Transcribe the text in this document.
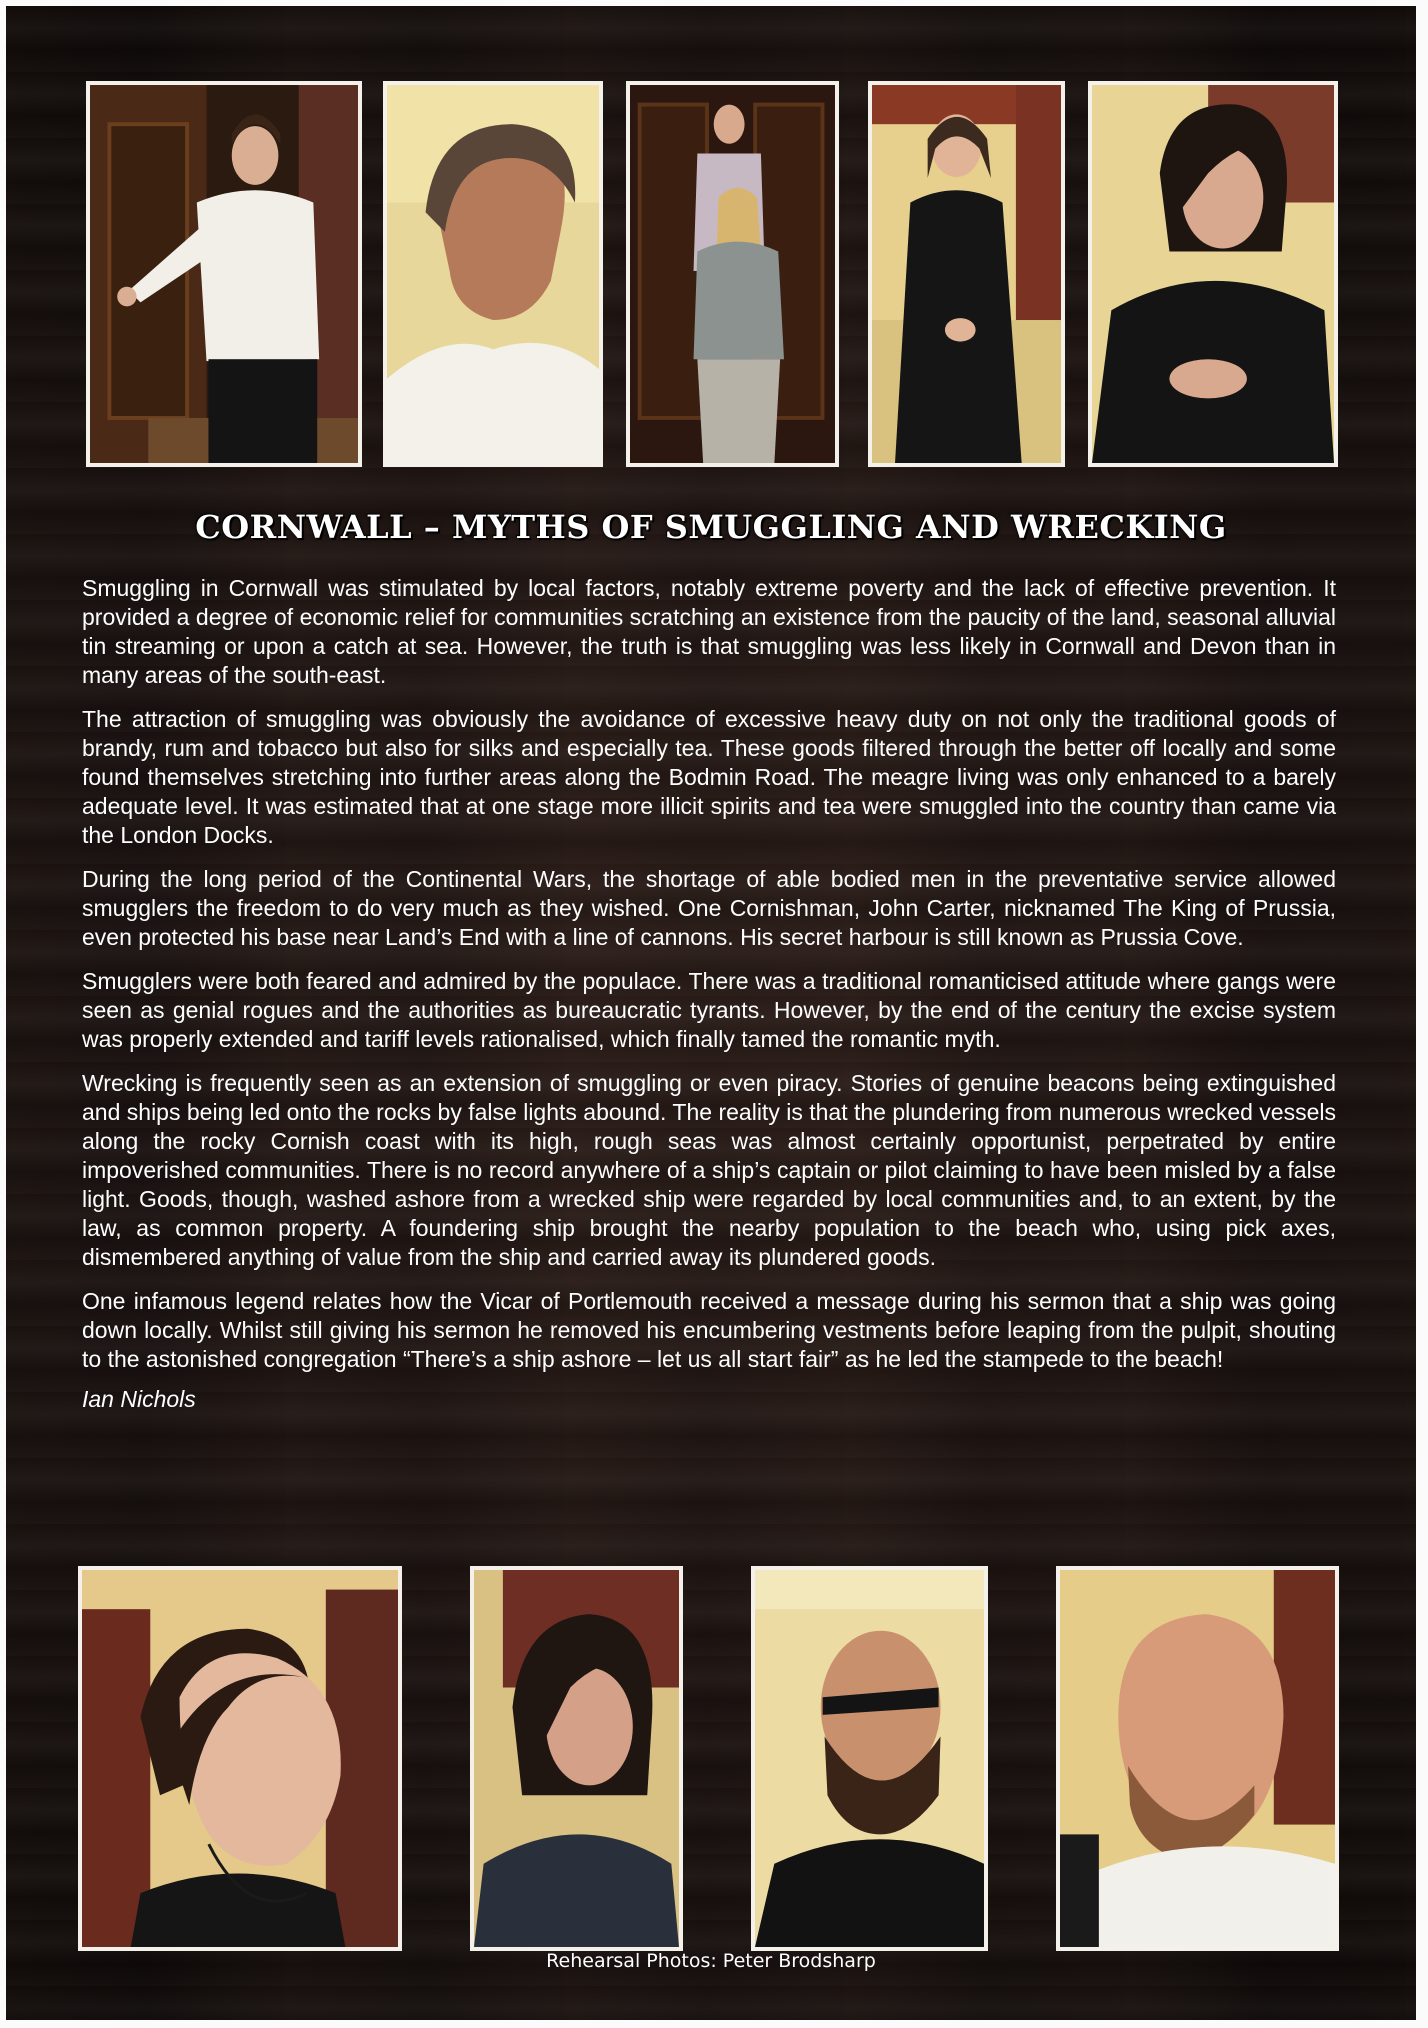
CORNWALL – MYTHS OF SMUGGLING AND WRECKING

Smuggling in Cornwall was stimulated by local factors, notably extreme poverty and the lack of effective prevention. It provided a degree of economic relief for communities scratching an existence from the paucity of the land, seasonal alluvial tin streaming or upon a catch at sea. However, the truth is that smuggling was less likely in Cornwall and Devon than in many areas of the south-east.

The attraction of smuggling was obviously the avoidance of excessive heavy duty on not only the traditional goods of brandy, rum and tobacco but also for silks and especially tea. These goods filtered through the better off locally and some found themselves stretching into further areas along the Bodmin Road. The meagre living was only enhanced to a barely adequate level. It was estimated that at one stage more illicit spirits and tea were smuggled into the country than came via the London Docks.

During the long period of the Continental Wars, the shortage of able bodied men in the preventative service allowed smugglers the freedom to do very much as they wished. One Cornishman, John Carter, nicknamed The King of Prussia, even protected his base near Land’s End with a line of cannons. His secret harbour is still known as Prussia Cove.

Smugglers were both feared and admired by the populace. There was a traditional romanticised attitude where gangs were seen as genial rogues and the authorities as bureaucratic tyrants. However, by the end of the century the excise system was properly extended and tariff levels rationalised, which finally tamed the romantic myth.

Wrecking is frequently seen as an extension of smuggling or even piracy. Stories of genuine beacons being extinguished and ships being led onto the rocks by false lights abound. The reality is that the plundering from numerous wrecked vessels along the rocky Cornish coast with its high, rough seas was almost certainly opportunist, perpetrated by entire impoverished communities. There is no record anywhere of a ship’s captain or pilot claiming to have been misled by a false light. Goods, though, washed ashore from a wrecked ship were regarded by local communities and, to an extent, by the law, as common property. A foundering ship brought the nearby population to the beach who, using pick axes, dismembered anything of value from the ship and carried away its plundered goods.

One infamous legend relates how the Vicar of Portlemouth received a message during his sermon that a ship was going down locally. Whilst still giving his sermon he removed his encumbering vestments before leaping from the pulpit, shouting to the astonished congregation “There’s a ship ashore – let us all start fair” as he led the stampede to the beach!

Ian Nichols

Rehearsal Photos: Peter Brodsharp
